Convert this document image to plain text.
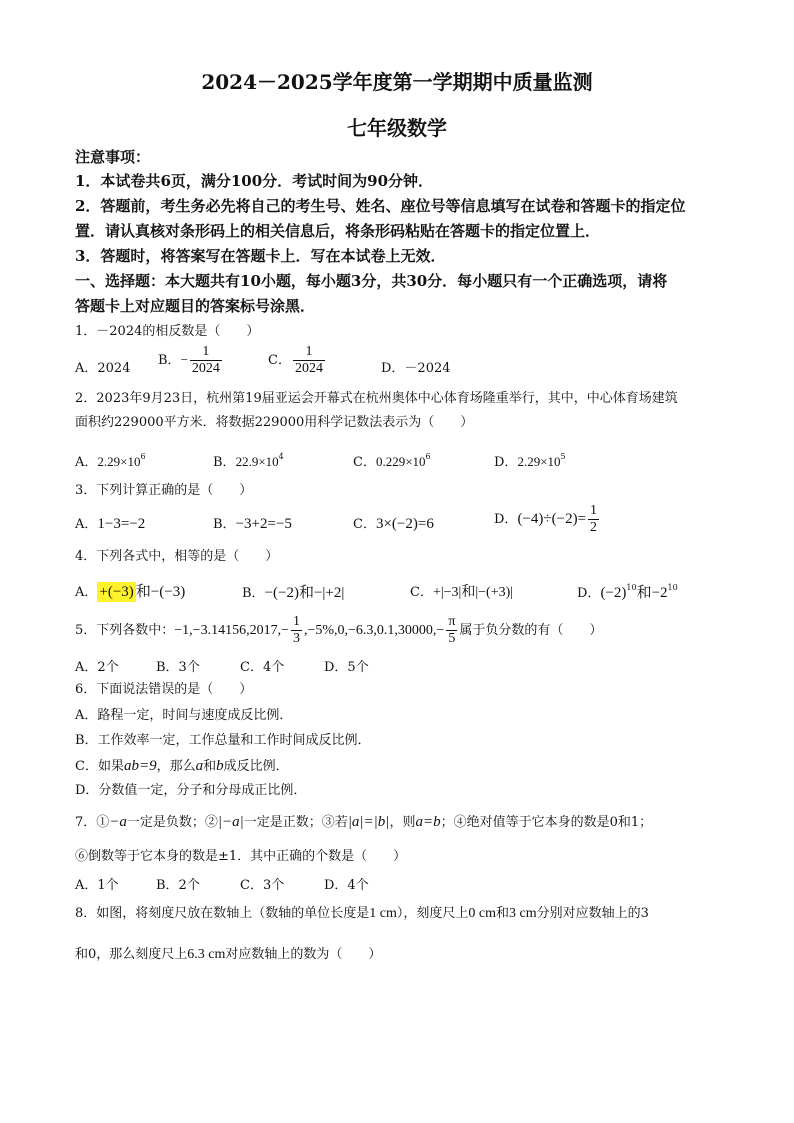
2024－2025学年度第一学期期中质量监测
七年级数学
注意事项：
1．本试卷共6页，满分100分．考试时间为90分钟．
2．答题前，考生务必先将自己的考生号、姓名、座位号等信息填写在试卷和答题卡的指定位
置．请认真核对条形码上的相关信息后，将条形码粘贴在答题卡的指定位置上．
3．答题时，将答案写在答题卡上．写在本试卷上无效．
一、选择题：本大题共有10小题，每小题3分，共30分．每小题只有一个正确选项，请将
答题卡上对应题目的答案标号涂黑．
1．－2024的相反数是（　　）
A．2024
B．− $\frac{1}{2024}$	C． $\frac{1}{2024}$	D．－2024
2．2023年9月23日，杭州第19届亚运会开幕式在杭州奥体中心体育场隆重举行，其中，中心体育场建筑
面积约229000平方米．将数据229000用科学记数法表示为（　　）
A．$2.29\times 10^6$	B．$22.9\times 10^4$	C．$0.229\times 10^6$	D．$2.29\times 10^5$
3．下列计算正确的是（　　）
A．1−3=−2	B．−3+2=−5	C．3×(−2)=6	D．$(-4)\div(-2)= \frac{1}{2}$
4．下列各式中，相等的是（　　）
A． +(−3) 和−(−3)	B．−(−2)和−|+2|	C．+|−3|和|−(+3)|	D．$(-2)^{10}$和$-2^{10}$
5．下列各数中：$-1,-3.14156,2017,- \frac{1}{3} ,-5\%,0,-6.3,0.1,30000,- \frac{\pi}{5}$ 属于负分数的有（　　）
A．2个	B．3个	C．4个	D．5个
6．下面说法错误的是（　　）
A．路程一定，时间与速度成反比例．
B．工作效率一定，工作总量和工作时间成反比例．
C．如果ab=9，那么a和b成反比例．
D．分数值一定，分子和分母成正比例．
7．①−a一定是负数；②|−a|一定是正数；③若|a|=|b|，则a=b；④绝对值等于它本身的数是0和1；
⑥倒数等于它本身的数是±1．其中正确的个数是（　　）
A．1个	B．2个	C．3个	D．4个
8．如图，将刻度尺放在数轴上（数轴的单位长度是1 cm），刻度尺上0 cm和3 cm分别对应数轴上的3
和0，那么刻度尺上6.3 cm对应数轴上的数为（　　）
